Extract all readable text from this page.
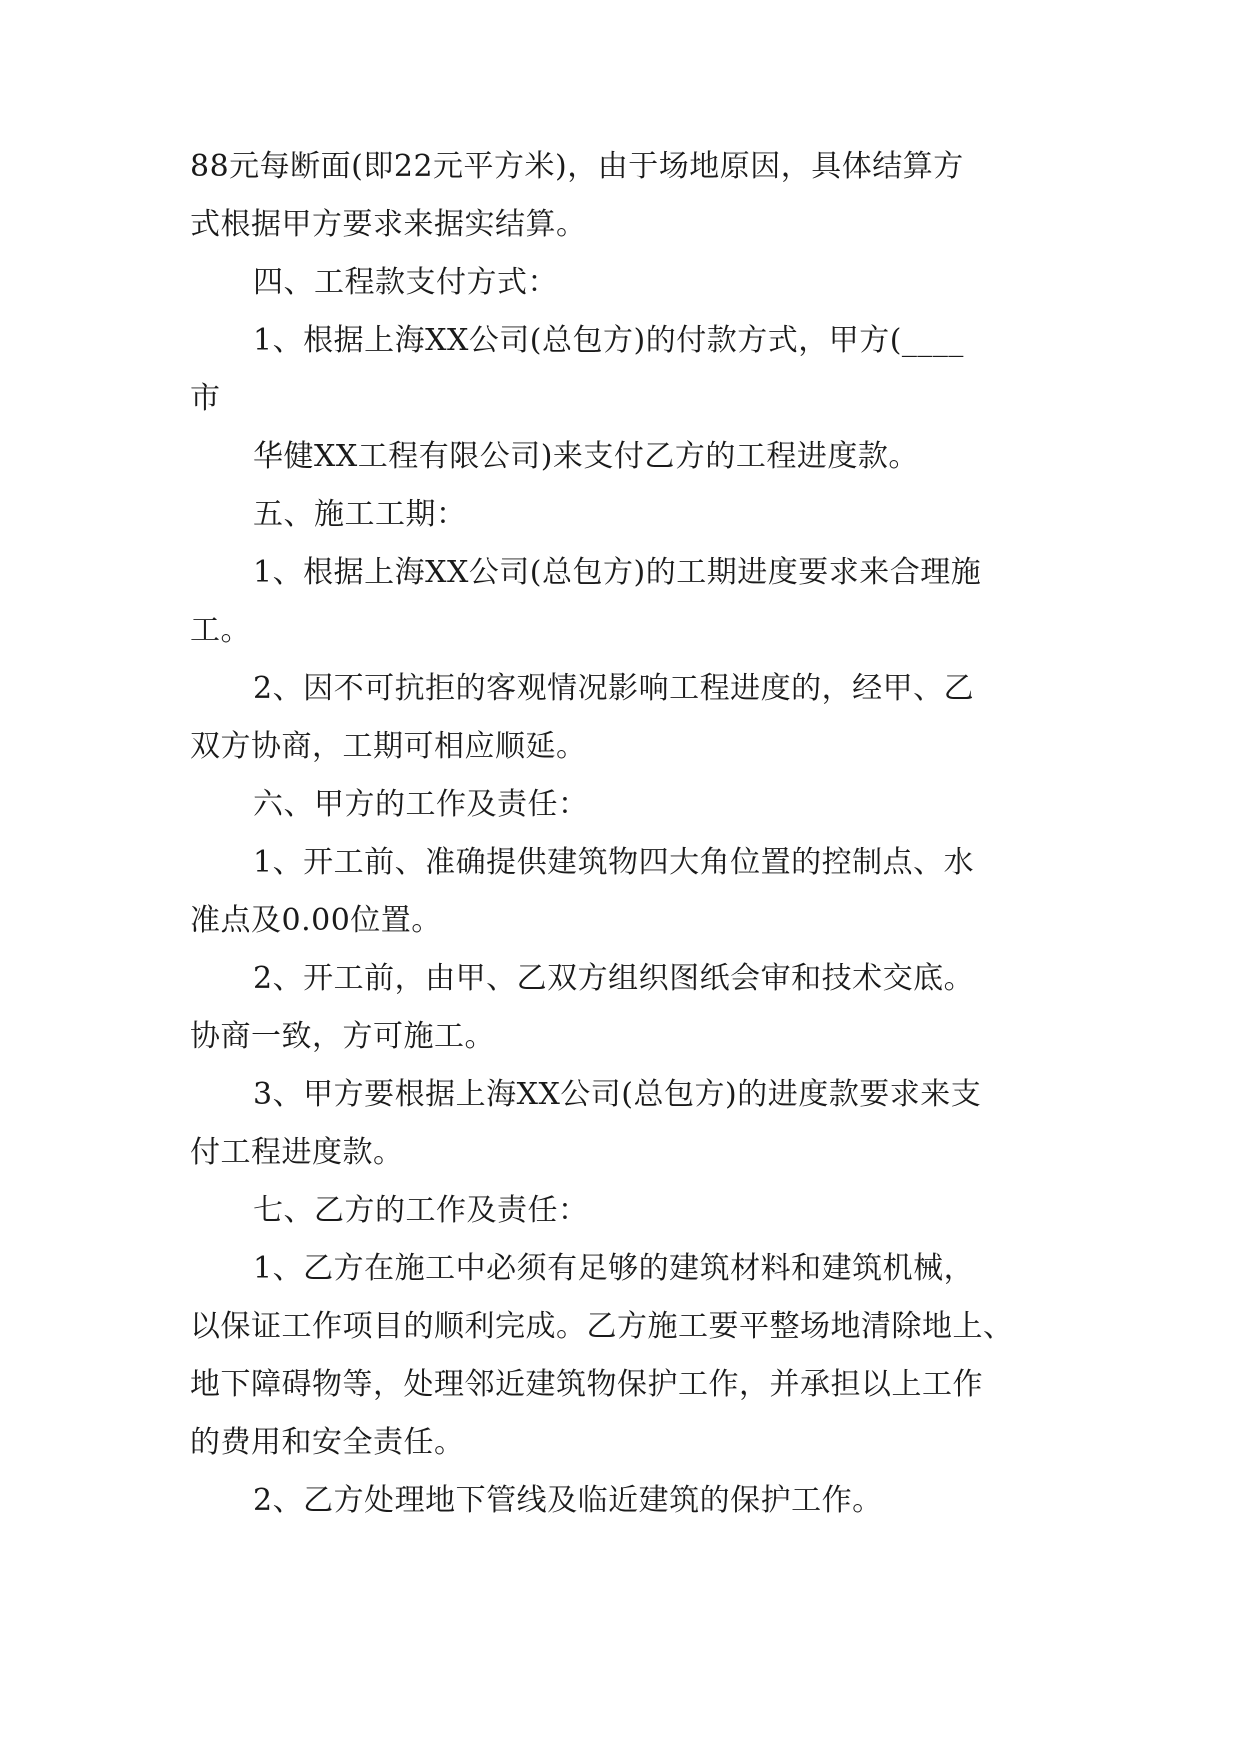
88元每断面(即22元平方米)，由于场地原因，具体结算方
式根据甲方要求来据实结算。
四、工程款支付方式：
1、根据上海XX公司(总包方)的付款方式，甲方(____
市
华健XX工程有限公司)来支付乙方的工程进度款。
五、施工工期：
1、根据上海XX公司(总包方)的工期进度要求来合理施
工。
2、因不可抗拒的客观情况影响工程进度的，经甲、乙
双方协商，工期可相应顺延。
六、甲方的工作及责任：
1、开工前、准确提供建筑物四大角位置的控制点、水
准点及0.00位置。
2、开工前，由甲、乙双方组织图纸会审和技术交底。
协商一致，方可施工。
3、甲方要根据上海XX公司(总包方)的进度款要求来支
付工程进度款。
七、乙方的工作及责任：
1、乙方在施工中必须有足够的建筑材料和建筑机械，
以保证工作项目的顺利完成。乙方施工要平整场地清除地上、
地下障碍物等，处理邻近建筑物保护工作，并承担以上工作
的费用和安全责任。
2、乙方处理地下管线及临近建筑的保护工作。
